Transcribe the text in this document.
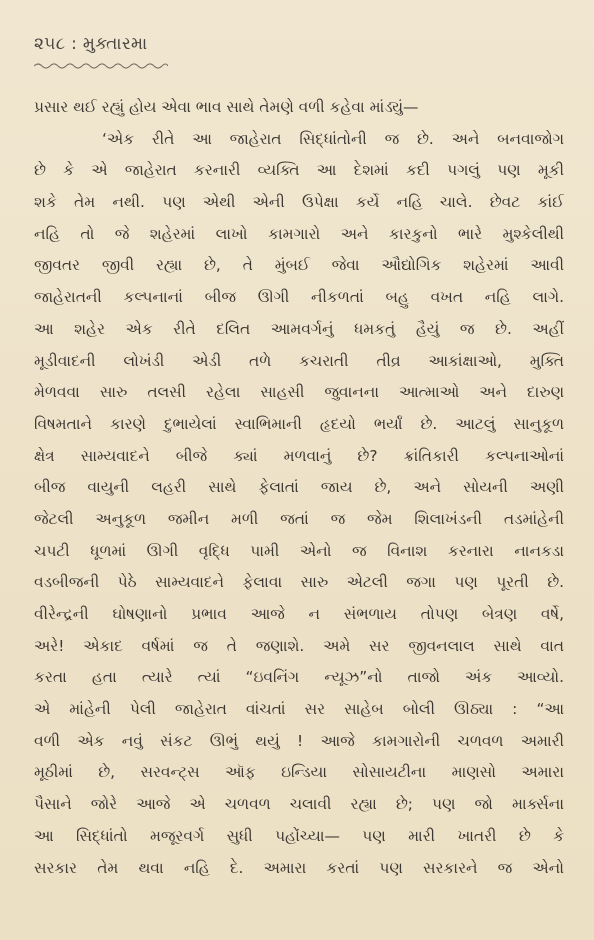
૨૫૮ : મુક્તારમા
પ્રસાર થઈ રહ્યું હોય એવા ભાવ સાથે તેમણે વળી કહેવા માંડ્યું—
‘એક રીતે આ જાહેરાત સિદ્ધાંતોની જ છે. અને બનવાજોગ
છે કે એ જાહેરાત કરનારી વ્યક્તિ આ દેશમાં કદી પગલું પણ મૂકી
શકે તેમ નથી. પણ એથી એની ઉપેક્ષા કર્યે નહિ ચાલે. છેવટ કાંઈ
નહિ તો જે શહેરમાં લાખો કામગારો અને કારકુનો ભારે મુશ્કેલીથી
જીવતર જીવી રહ્યા છે, તે મુંબઈ જેવા ઔદ્યોગિક શહેરમાં આવી
જાહેરાતની કલ્પનાનાં બીજ ઊગી નીકળતાં બહુ વખત નહિ લાગે.
આ શહેર એક રીતે દલિત આમવર્ગનું ધમકતું હૈયું જ છે. અહીં
મૂડીવાદની લોખંડી એડી તળે કચરાતી તીવ્ર આકાંક્ષાઓ, મુક્તિ
મેળવવા સારુ તલસી રહેલા સાહસી જુવાનના આત્માઓ અને દારુણ
વિષમતાને કારણે દુભાયેલાં સ્વાભિમાની હૃદયો ભર્યાં છે. આટલું સાનુકૂળ
ક્ષેત્ર સામ્યવાદને બીજે ક્યાં મળવાનું છે? ક્રાંતિકારી કલ્પનાઓનાં
બીજ વાયુની લહરી સાથે ફેલાતાં જાય છે, અને સોયની અણી
જેટલી અનુકૂળ જમીન મળી જતાં જ જેમ શિલાખંડની તડમાંહેની
ચપટી ધૂળમાં ઊગી વૃદ્ધિ પામી એનો જ વિનાશ કરનારા નાનકડા
વડબીજની પેઠે સામ્યવાદને ફેલાવા સારુ એટલી જગા પણ પૂરતી છે.
વીરેન્દ્રની ઘોષણાનો પ્રભાવ આજે ન સંભળાય તોપણ બેત્રણ વર્ષે,
અરે! એકાદ વર્ષમાં જ તે જણાશે. અમે સર જીવનલાલ સાથે વાત
કરતા હતા ત્યારે ત્યાં “ઇવનિંગ ન્યૂઝ”નો તાજો અંક આવ્યો.
એ માંહેની પેલી જાહેરાત વાંચતાં સર સાહેબ બોલી ઊઠ્યા : “આ
વળી એક નવું સંકટ ઊભું થયું ! આજે કામગારોની ચળવળ અમારી
મૂઠીમાં છે, સરવન્ટ્સ ઑફ ઇન્ડિયા સોસાયટીના માણસો અમારા
પૈસાને જોરે આજે એ ચળવળ ચલાવી રહ્યા છે; પણ જો માર્ક્સના
આ સિદ્ધાંતો મજૂરવર્ગ સુધી પહોંચ્યા— પણ મારી ખાતરી છે કે
સરકાર તેમ થવા નહિ દે. અમારા કરતાં પણ સરકારને જ એનો
